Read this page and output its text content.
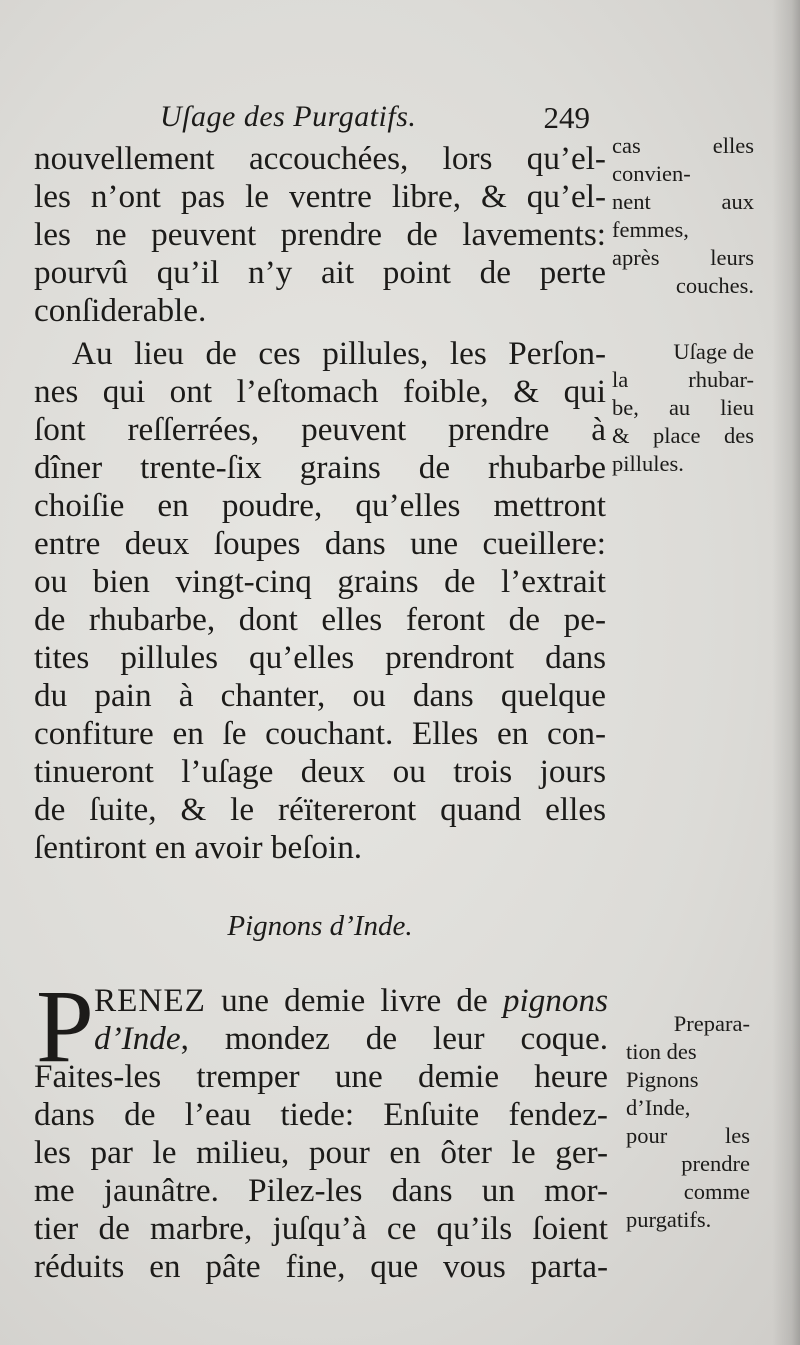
Uſage des Purgatifs.	249
nouvellement accouchées, lors qu’el-
les n’ont pas le ventre libre, & qu’el-
les ne peuvent prendre de lavements:
pourvû qu’il n’y ait point de perte
conſiderable.
Au lieu de ces pillules, les Perſon-
nes qui ont l’eſtomach foible, & qui
ſont reſſerrées, peuvent prendre à
dîner trente-ſix grains de rhubarbe
choiſie en poudre, qu’elles mettront
entre deux ſoupes dans une cueillere:
ou bien vingt-cinq grains de l’extrait
de rhubarbe, dont elles feront de pe-
tites pillules qu’elles prendront dans
du pain à chanter, ou dans quelque
confiture en ſe couchant. Elles en con-
tinueront l’uſage deux ou trois jours
de ſuite, & le réïtereront quand elles
ſentiront en avoir beſoin.
Pignons d’Inde.
P RENEZ une demie livre de pignons
d’Inde, mondez de leur coque.
Faites-les tremper une demie heure
dans de l’eau tiede: Enſuite fendez-
les par le milieu, pour en ôter le ger-
me jaunâtre. Pilez-les dans un mor-
tier de marbre, juſqu’à ce qu’ils ſoient
réduits en pâte fine, que vous parta-
cas elles
convien-
nent aux
femmes,
après leurs
couches.
Uſage de
la rhubar-
be, au lieu
& place des
pillules.
Prepara-
tion des
Pignons
d’Inde,
pour les
prendre
comme
purgatifs.
